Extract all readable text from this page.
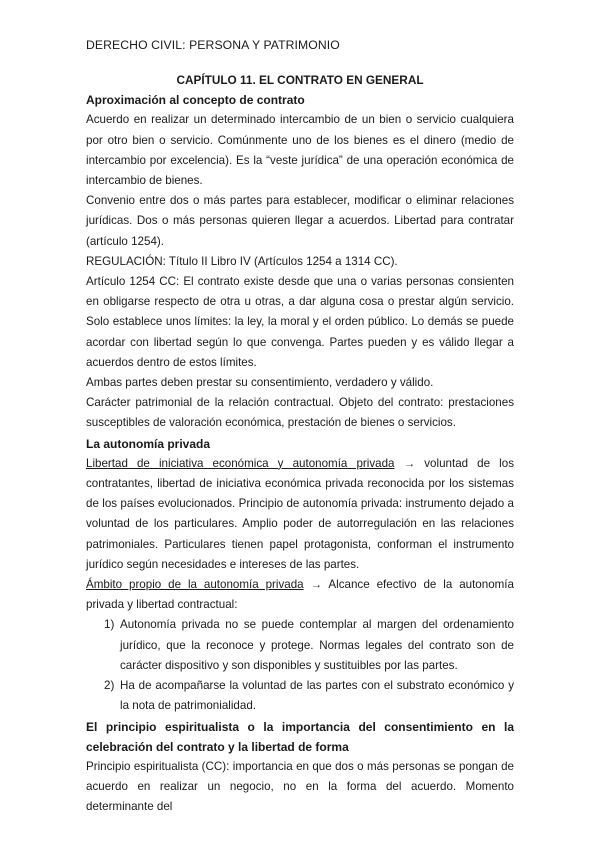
DERECHO CIVIL: PERSONA Y PATRIMONIO

CAPÍTULO 11. EL CONTRATO EN GENERAL

Aproximación al concepto de contrato

Acuerdo en realizar un determinado intercambio de un bien o servicio cualquiera por otro bien o servicio. Comúnmente uno de los bienes es el dinero (medio de intercambio por excelencia). Es la “veste jurídica” de una operación económica de intercambio de bienes.

Convenio entre dos o más partes para establecer, modificar o eliminar relaciones jurídicas. Dos o más personas quieren llegar a acuerdos. Libertad para contratar (artículo 1254).

REGULACIÓN: Título II Libro IV (Artículos 1254 a 1314 CC).

Artículo 1254 CC: El contrato existe desde que una o varias personas consienten en obligarse respecto de otra u otras, a dar alguna cosa o prestar algún servicio. Solo establece unos límites: la ley, la moral y el orden público. Lo demás se puede acordar con libertad según lo que convenga. Partes pueden y es válido llegar a acuerdos dentro de estos límites.

Ambas partes deben prestar su consentimiento, verdadero y válido.

Carácter patrimonial de la relación contractual. Objeto del contrato: prestaciones susceptibles de valoración económica, prestación de bienes o servicios.

La autonomía privada

Libertad de iniciativa económica y autonomía privada → voluntad de los contratantes, libertad de iniciativa económica privada reconocida por los sistemas de los países evolucionados. Principio de autonomía privada: instrumento dejado a voluntad de los particulares. Amplio poder de autorregulación en las relaciones patrimoniales. Particulares tienen papel protagonista, conforman el instrumento jurídico según necesidades e intereses de las partes.

Ámbito propio de la autonomía privada → Alcance efectivo de la autonomía privada y libertad contractual:

1) Autonomía privada no se puede contemplar al margen del ordenamiento jurídico, que la reconoce y protege. Normas legales del contrato son de carácter dispositivo y son disponibles y sustituibles por las partes.
2) Ha de acompañarse la voluntad de las partes con el substrato económico y la nota de patrimonialidad.

El principio espiritualista o la importancia del consentimiento en la celebración del contrato y la libertad de forma

Principio espiritualista (CC): importancia en que dos o más personas se pongan de acuerdo en realizar un negocio, no en la forma del acuerdo. Momento determinante del
